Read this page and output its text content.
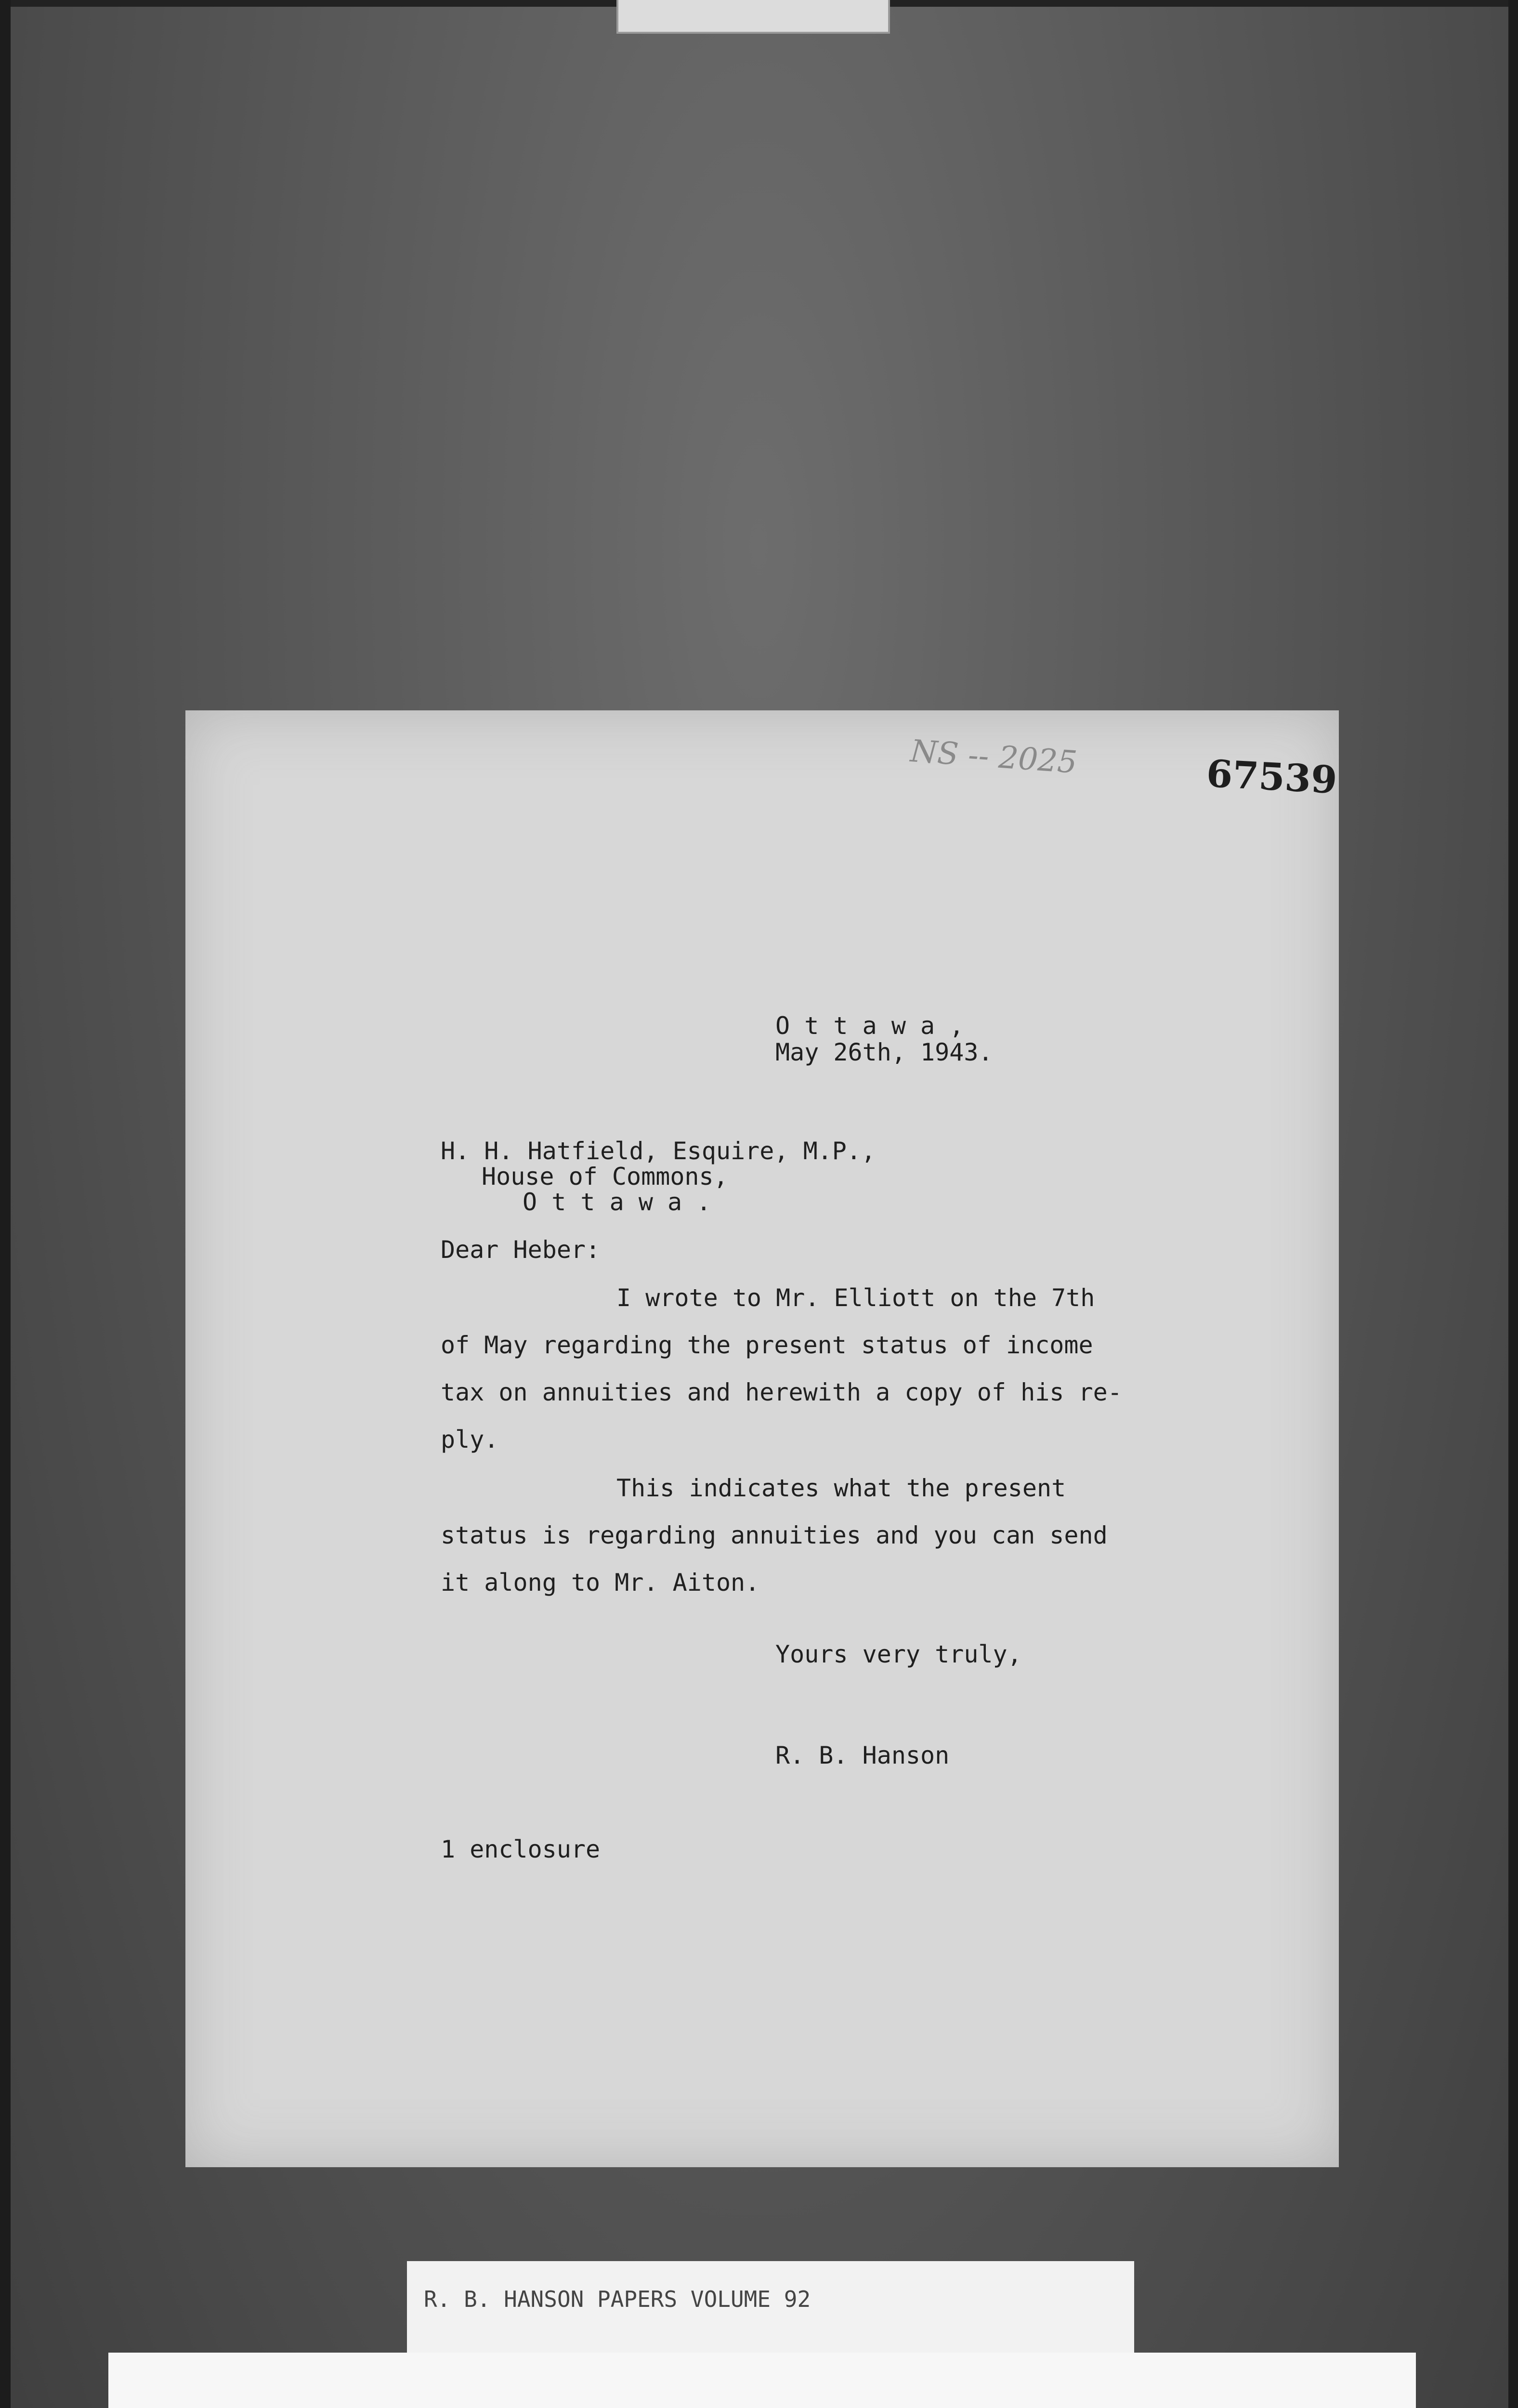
NS -- 2025	67539
O t t a w a ,
May 26th, 1943.
H. H. Hatfield, Esquire, M.P.,
House of Commons,
O t t a w a .
Dear Heber:
I wrote to Mr. Elliott on the 7th
of May regarding the present status of income
tax on annuities and herewith a copy of his re-
ply.
This indicates what the present
status is regarding annuities and you can send
it along to Mr. Aiton.
Yours very truly,
R. B. Hanson
1 enclosure
R. B. HANSON PAPERS VOLUME 92
